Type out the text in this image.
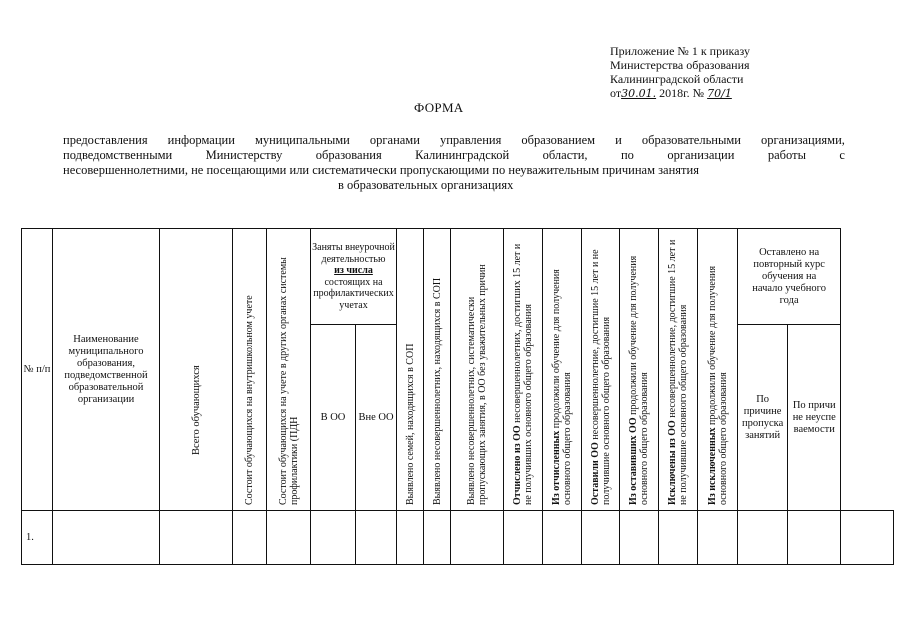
Приложение № 1 к приказу
Министерства образования
Калининградской области
от30.01. 2018г. № 70/1
ФОРМА
предоставления информации муниципальными органами управления образованием и образовательными организациями,
подведомственными	Министерству	образования	Калининградской	области,	по	организации	работы	с
несовершеннолетними, не посещающими или систематически пропускающими по неуважительным причинам занятия
в образовательных организациях
№ п/п	Наименование муниципального образования, подведомственной образовательной организации	Всего обучающихся	Состоит обучающихся на внутришкольном учете	Состоит обучающихся на учете в других органах системы профилактики (ПДН	Заняты внеурочной деятельностью
из числа
состоящих на профилактических учетах		Выявлено семей, находящихся в СОП	Выявлено несовершеннолетних, находящихся в СОП	Выявлено несовершеннолетних, систематически пропускающих занятия, в ОО без уважительных причин	Отчислено из ОО несовершеннолетних, достигших 15 лет и не получивших основного общего образования	Из отчисленных продолжили обучение для получения основного общего образования	Оставили ОО несовершеннолетние, достигшие 15 лет и не получившие основного общего образования	Из оставивших ОО продолжили обучение для получения основного общего образования	Исключены из ОО несовершеннолетние, достигшие 15 лет и не получившие основного общего образования	Из исключенных продолжили обучение для получения основного общего образования	Оставлено на повторный курс обучения на начало учебного года		

					В ОО	Вне ОО										По причине пропуска занятий	По причине неуспеваемости	

1.																		
